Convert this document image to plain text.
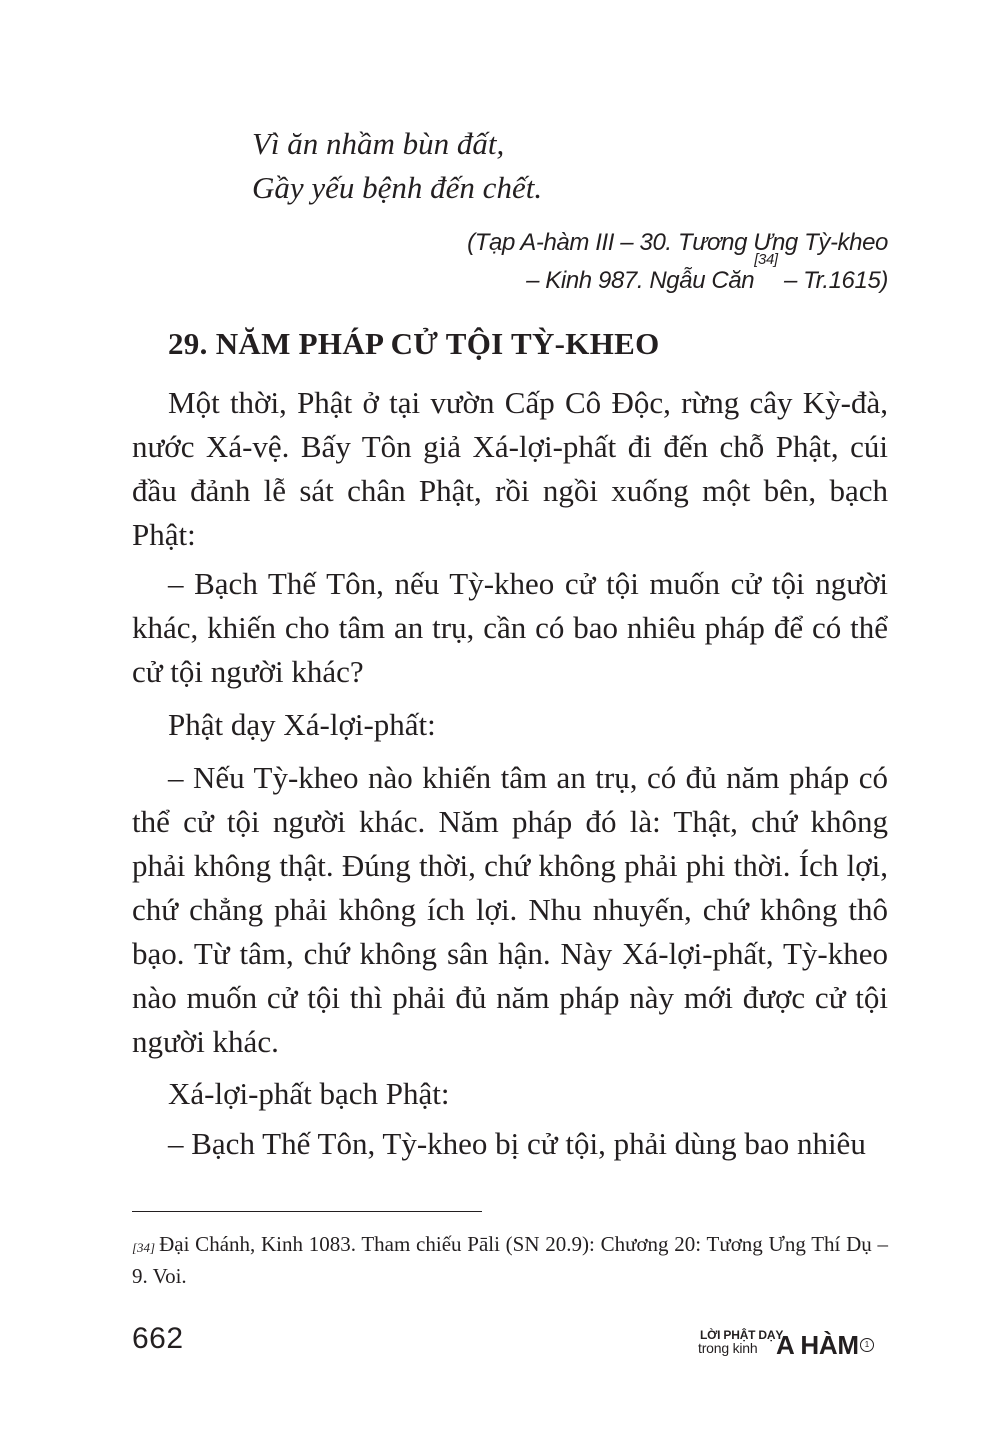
Vì ăn nhầm bùn đất,
Gầy yếu bệnh đến chết.
(Tạp A-hàm III – 30. Tương Ưng Tỳ-kheo
– Kinh 987. Ngẫu Căn[34] – Tr.1615)
29. NĂM PHÁP CỬ TỘI TỲ-KHEO

Một thời, Phật ở tại vườn Cấp Cô Độc, rừng cây Kỳ-đà, nước Xá-vệ. Bấy Tôn giả Xá-lợi-phất đi đến chỗ Phật, cúi đầu đảnh lễ sát chân Phật, rồi ngồi xuống một bên, bạch Phật:

– Bạch Thế Tôn, nếu Tỳ-kheo cử tội muốn cử tội người khác, khiến cho tâm an trụ, cần có bao nhiêu pháp để có thể cử tội người khác?

Phật dạy Xá-lợi-phất:

– Nếu Tỳ-kheo nào khiến tâm an trụ, có đủ năm pháp có thể cử tội người khác. Năm pháp đó là: Thật, chứ không phải không thật. Đúng thời, chứ không phải phi thời. Ích lợi, chứ chẳng phải không ích lợi. Nhu nhuyến, chứ không thô bạo. Từ tâm, chứ không sân hận. Này Xá-lợi-phất, Tỳ-kheo nào muốn cử tội thì phải đủ năm pháp này mới được cử tội người khác.

Xá-lợi-phất bạch Phật:

– Bạch Thế Tôn, Tỳ-kheo bị cử tội, phải dùng bao nhiêu

[34] Đại Chánh, Kinh 1083. Tham chiếu Pāli (SN 20.9): Chương 20: Tương Ưng Thí Dụ – 9. Voi.

662	LỜI PHẬT DẠY
trong kinh A HÀM 1
